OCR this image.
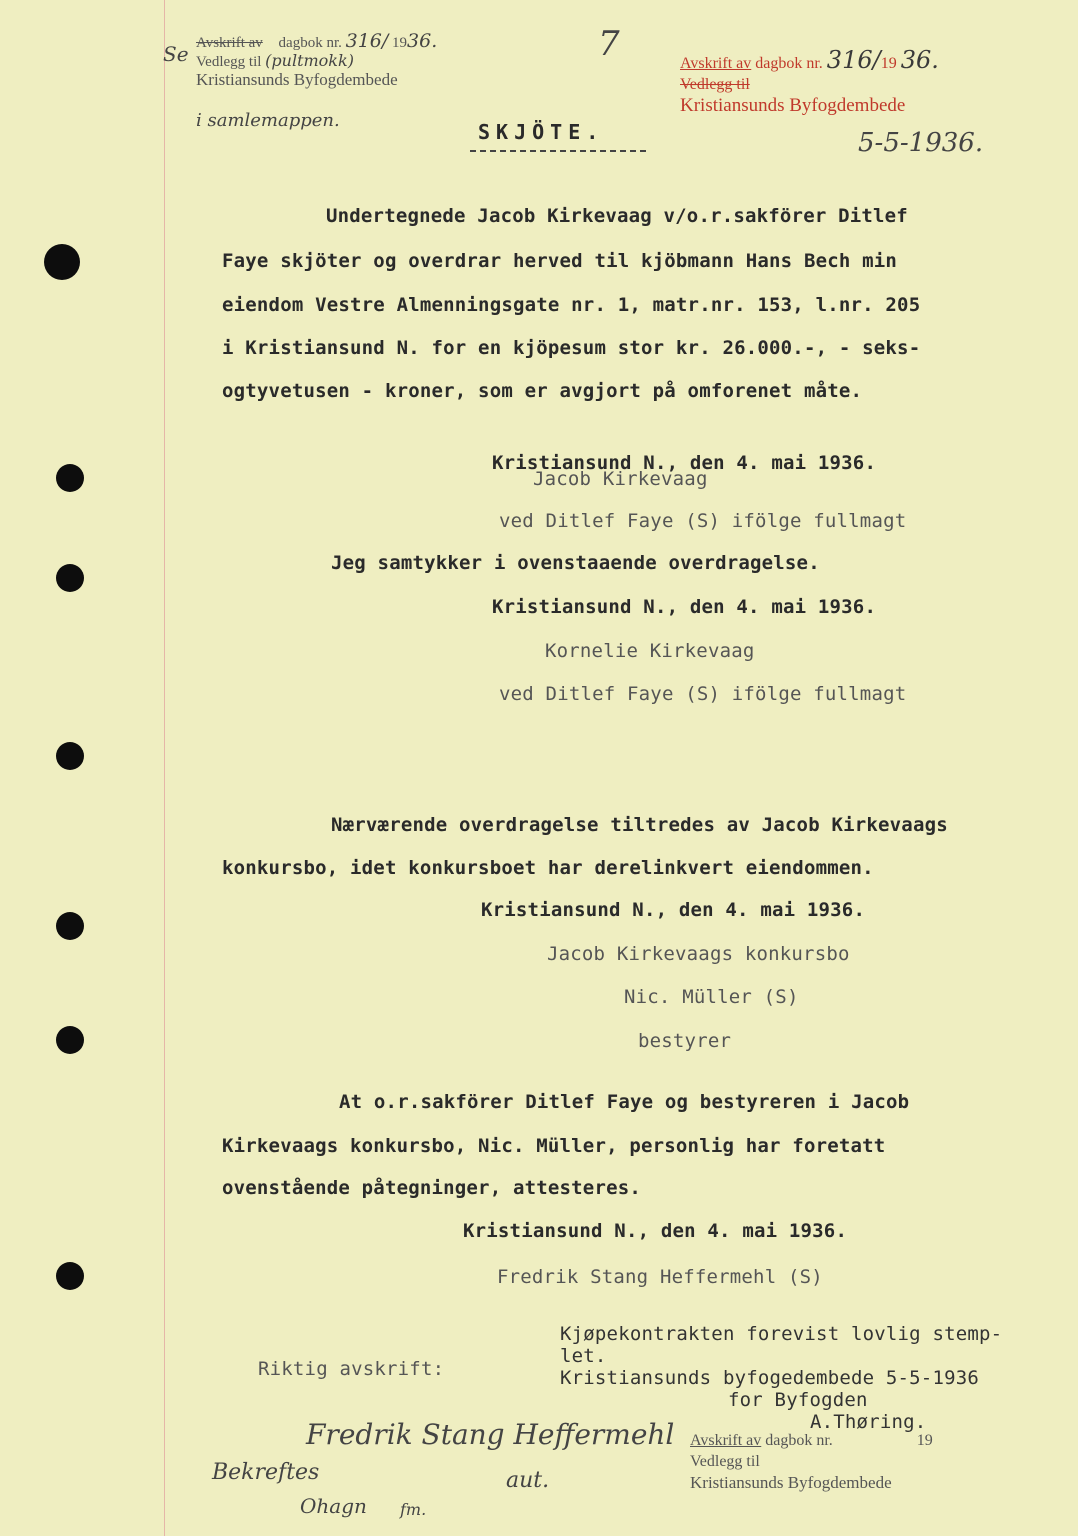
Se Avskrift av dagbok nr. 316/ 1936.
Vedlegg til (pultmokk)
Kristiansunds Byfogdembede
i samlemappen.
7	Avskrift av dagbok nr. 316/19 36.
Vedlegg til
Kristiansunds Byfogdembede
5-5-1936.
SKJÖTE.
Undertegnede Jacob Kirkevaag v/o.r.sakförer Ditlef
Faye skjöter og overdrar herved til kjöbmann Hans Bech min
eiendom Vestre Almenningsgate nr. 1, matr.nr. 153, l.nr. 205
i Kristiansund N. for en kjöpesum stor kr. 26.000.-, - seks-
ogtyvetusen - kroner, som er avgjort på omforenet måte.
Kristiansund N., den 4. mai 1936.
Jacob Kirkevaag
ved Ditlef Faye (S) ifölge fullmagt
Jeg samtykker i ovenstaaende overdragelse.
Kristiansund N., den 4. mai 1936.
Kornelie Kirkevaag
ved Ditlef Faye (S) ifölge fullmagt
Nærværende overdragelse tiltredes av Jacob Kirkevaags
konkursbo, idet konkursboet har derelinkvert eiendommen.
Kristiansund N., den 4. mai 1936.
Jacob Kirkevaags konkursbo
Nic. Müller (S)
bestyrer
At o.r.sakförer Ditlef Faye og bestyreren i Jacob
Kirkevaags konkursbo, Nic. Müller, personlig har foretatt
ovenstående påtegninger, attesteres.
Kristiansund N., den 4. mai 1936.
Fredrik Stang Heffermehl (S)
Riktig avskrift:
Kjøpekontrakten forevist lovlig stemp-
let.
Kristiansunds byfogedembede 5-5-1936
for Byfogden
A.Thøring.
Fredrik Stang Heffermehl
aut.
Bekreftes
Ohagn fm.
Avskrift av dagbok nr.	19
Vedlegg til
Kristiansunds Byfogdembede
